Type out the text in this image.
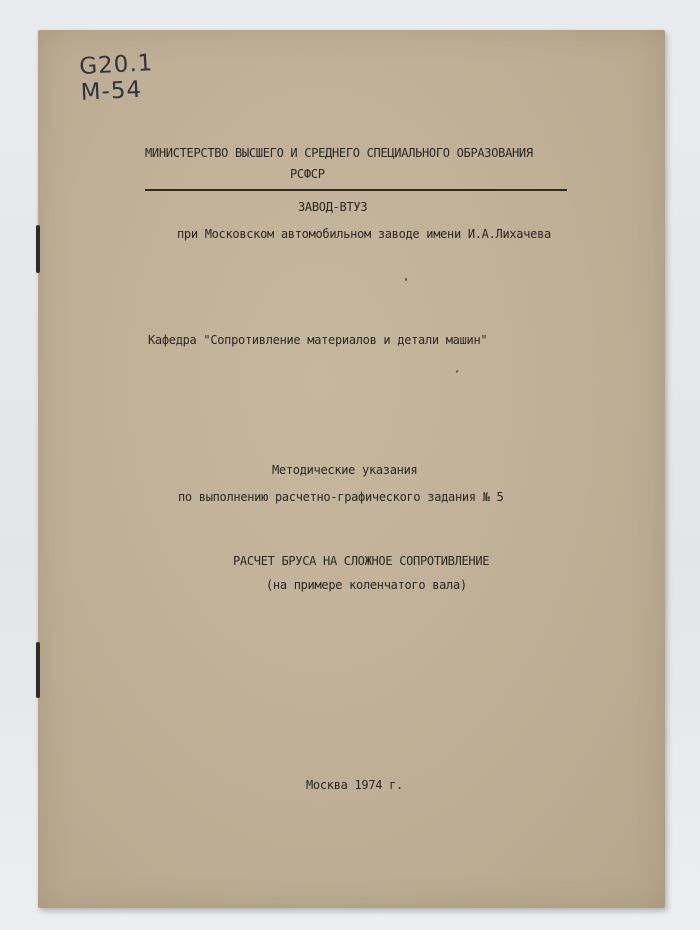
G20.1
M-54
МИНИСТЕРСТВО ВЫСШЕГО И СРЕДНЕГО СПЕЦИАЛЬНОГО ОБРАЗОВАНИЯ
РСФСР
ЗАВОД-ВТУЗ
при Московском автомобильном заводе имени И.А.Лихачева
Кафедра "Сопротивление материалов и детали машин"
Методические указания
по выполнению расчетно-графического задания № 5
РАСЧЕТ БРУСА НА СЛОЖНОЕ СОПРОТИВЛЕНИЕ
(на примере коленчатого вала)
Москва 1974 г.
